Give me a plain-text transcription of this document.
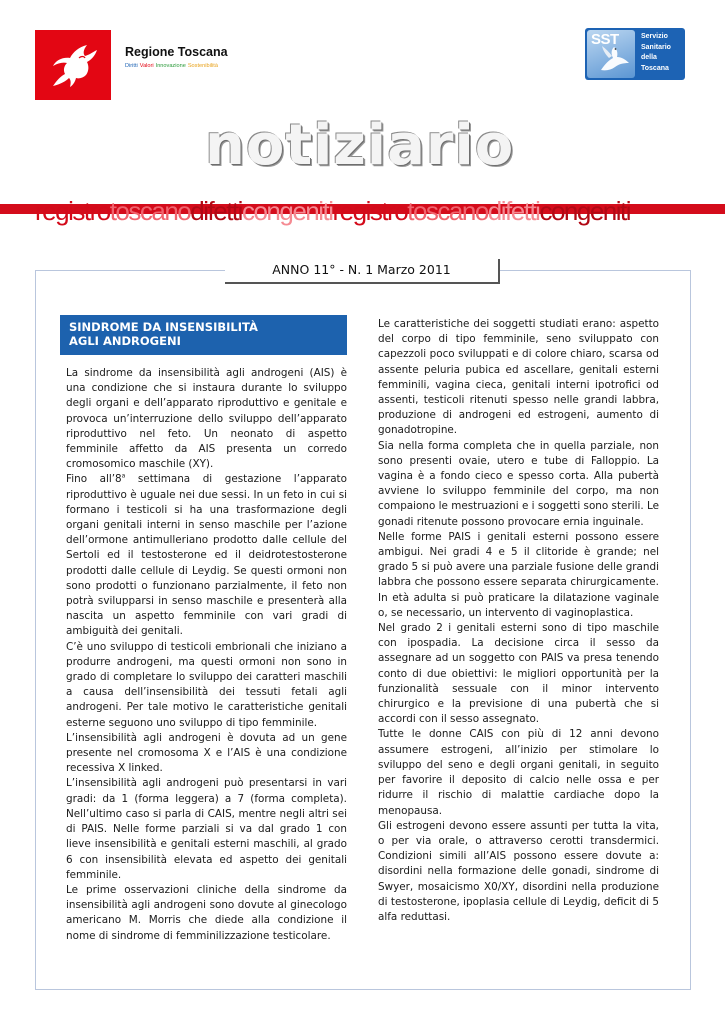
Regione Toscana
Diritti Valori Innovazione Sostenibilità
SST	Servizio
Sanitario
della
Toscana
notiziario
registrotoscanodifetticongenitiregistrotoscanodifetticongeniti
ANNO 11° - N. 1 Marzo 2011
SINDROME DA INSENSIBILITÀ
AGLI ANDROGENI

La sindrome da insensibilità agli androgeni (AIS) è una condizione che si instaura durante lo sviluppo degli organi e dell’apparato riproduttivo e genitale e provoca un’interruzione dello sviluppo dell’apparato riproduttivo nel feto. Un neonato di aspetto femminile affetto da AIS presenta un corredo cromosomico maschile (XY).

Fino all’8$^a$ settimana di gestazione l’apparato riproduttivo è uguale nei due sessi. In un feto in cui si formano i testicoli si ha una trasformazione degli organi genitali interni in senso maschile per l’azione dell’ormone antimulleriano prodotto dalle cellule del Sertoli ed il testosterone ed il deidrotestosterone prodotti dalle cellule di Leydig. Se questi ormoni non sono prodotti o funzionano parzialmente, il feto non potrà svilupparsi in senso maschile e presenterà alla nascita un aspetto femminile con vari gradi di ambiguità dei genitali.

C’è uno sviluppo di testicoli embrionali che iniziano a produrre androgeni, ma questi ormoni non sono in grado di completare lo sviluppo dei caratteri maschili a causa dell’insensibilità dei tessuti fetali agli androgeni. Per tale motivo le caratteristiche genitali esterne seguono uno sviluppo di tipo femminile.

L’insensibilità agli androgeni è dovuta ad un gene presente nel cromosoma X e l’AIS è una condizione recessiva X linked.

L’insensibilità agli androgeni può presentarsi in vari gradi: da 1 (forma leggera) a 7 (forma completa). Nell’ultimo caso si parla di CAIS, mentre negli altri sei di PAIS. Nelle forme parziali si va dal grado 1 con lieve insensibilità e genitali esterni maschili, al grado 6 con insensibilità elevata ed aspetto dei genitali femminile.

Le prime osservazioni cliniche della sindrome da insensibilità agli androgeni sono dovute al ginecologo americano M. Morris che diede alla condizione il nome di sindrome di femminilizzazione testicolare.

Le caratteristiche dei soggetti studiati erano: aspetto del corpo di tipo femminile, seno sviluppato con capezzoli poco sviluppati e di colore chiaro, scarsa od assente peluria pubica ed ascellare, genitali esterni femminili, vagina cieca, genitali interni ipotrofici od assenti, testicoli ritenuti spesso nelle grandi labbra, produzione di androgeni ed estrogeni, aumento di gonadotropine.

Sia nella forma completa che in quella parziale, non sono presenti ovaie, utero e tube di Falloppio. La vagina è a fondo cieco e spesso corta. Alla pubertà avviene lo sviluppo femminile del corpo, ma non compaiono le mestruazioni e i soggetti sono sterili. Le gonadi ritenute possono provocare ernia inguinale.

Nelle forme PAIS i genitali esterni possono essere ambigui. Nei gradi 4 e 5 il clitoride è grande; nel grado 5 si può avere una parziale fusione delle grandi labbra che possono essere separata chirurgicamente. In età adulta si può praticare la dilatazione vaginale o, se necessario, un intervento di vaginoplastica.

Nel grado 2 i genitali esterni sono di tipo maschile con ipospadia. La decisione circa il sesso da assegnare ad un soggetto con PAIS va presa tenendo conto di due obiettivi: le migliori opportunità per la funzionalità sessuale con il minor intervento chirurgico e la previsione di una pubertà che si accordi con il sesso assegnato.

Tutte le donne CAIS con più di 12 anni devono assumere estrogeni, all’inizio per stimolare lo sviluppo del seno e degli organi genitali, in seguito per favorire il deposito di calcio nelle ossa e per ridurre il rischio di malattie cardiache dopo la menopausa.

Gli estrogeni devono essere assunti per tutta la vita, o per via orale, o attraverso cerotti transdermici. Condizioni simili all’AIS possono essere dovute a: disordini nella formazione delle gonadi, sindrome di Swyer, mosaicismo X0/XY, disordini nella produzione di testosterone, ipoplasia cellule di Leydig, deficit di 5 alfa reduttasi.
